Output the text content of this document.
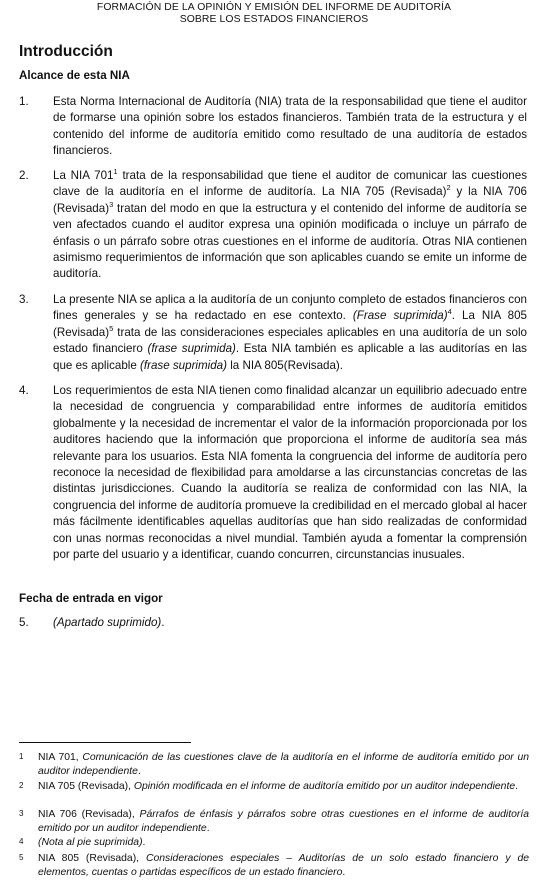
FORMACIÓN DE LA OPINIÓN Y EMISIÓN DEL INFORME DE AUDITORÍA
SOBRE LOS ESTADOS FINANCIEROS
Introducción
Alcance de esta NIA
1. Esta Norma Internacional de Auditoría (NIA) trata de la responsabilidad que tiene el auditor de formarse una opinión sobre los estados financieros. También trata de la estructura y el contenido del informe de auditoría emitido como resultado de una auditoría de estados financieros.
2. La NIA $701^1$ trata de la responsabilidad que tiene el auditor de comunicar las cuestiones clave de la auditoría en el informe de auditoría. La NIA 705 (Revisada)$^2$ y la NIA 706 (Revisada)$^3$ tratan del modo en que la estructura y el contenido del informe de auditoría se ven afectados cuando el auditor expresa una opinión modificada o incluye un párrafo de énfasis o un párrafo sobre otras cuestiones en el informe de auditoría. Otras NIA contienen asimismo requerimientos de información que son aplicables cuando se emite un informe de auditoría.
3. La presente NIA se aplica a la auditoría de un conjunto completo de estados financieros con fines generales y se ha redactado en ese contexto. (Frase suprimida)$^4$. La NIA 805 (Revisada)$^5$ trata de las consideraciones especiales aplicables en una auditoría de un solo estado financiero (frase suprimida). Esta NIA también es aplicable a las auditorías en las que es aplicable (frase suprimida) la NIA 805(Revisada).
4. Los requerimientos de esta NIA tienen como finalidad alcanzar un equilibrio adecuado entre la necesidad de congruencia y comparabilidad entre informes de auditoría emitidos globalmente y la necesidad de incrementar el valor de la información proporcionada por los auditores haciendo que la información que proporciona el informe de auditoría sea más relevante para los usuarios. Esta NIA fomenta la congruencia del informe de auditoría pero reconoce la necesidad de flexibilidad para amoldarse a las circunstancias concretas de las distintas jurisdicciones. Cuando la auditoría se realiza de conformidad con las NIA, la congruencia del informe de auditoría promueve la credibilidad en el mercado global al hacer más fácilmente identificables aquellas auditorías que han sido realizadas de conformidad con unas normas reconocidas a nivel mundial. También ayuda a fomentar la comprensión por parte del usuario y a identificar, cuando concurren, circunstancias inusuales.
Fecha de entrada en vigor
5. (Apartado suprimido).
1 NIA 701, Comunicación de las cuestiones clave de la auditoría en el informe de auditoría emitido por un auditor independiente.
2 NIA 705 (Revisada), Opinión modificada en el informe de auditoría emitido por un auditor independiente.
3 NIA 706 (Revisada), Párrafos de énfasis y párrafos sobre otras cuestiones en el informe de auditoría emitido por un auditor independiente.
4 (Nota al pie suprimida).
5 NIA 805 (Revisada), Consideraciones especiales – Auditorías de un solo estado financiero y de elementos, cuentas o partidas específicos de un estado financiero.
